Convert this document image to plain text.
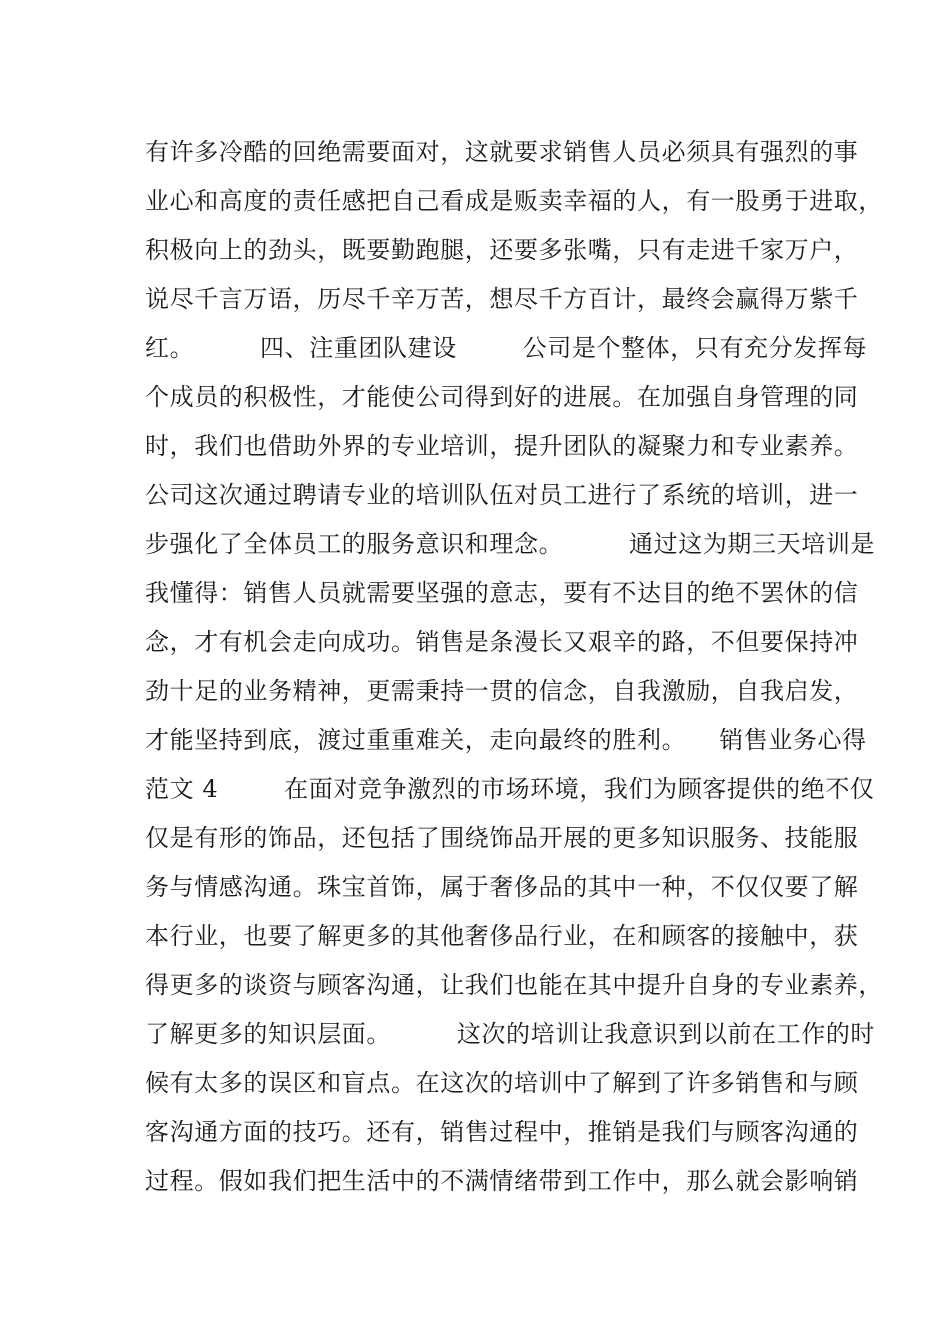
有许多冷酷的回绝需要面对，这就要求销售人员必须具有强烈的事
业心和高度的责任感把自己看成是贩卖幸福的人，有一股勇于进取，
积极向上的劲头，既要勤跑腿，还要多张嘴，只有走进千家万户，
说尽千言万语，历尽千辛万苦，想尽千方百计，最终会赢得万紫千
红。        四、注重团队建设        公司是个整体，只有充分发挥每
个成员的积极性，才能使公司得到好的进展。在加强自身管理的同
时，我们也借助外界的专业培训，提升团队的凝聚力和专业素养。
公司这次通过聘请专业的培训队伍对员工进行了系统的培训，进一
步强化了全体员工的服务意识和理念。        通过这为期三天培训是
我懂得：销售人员就需要坚强的意志，要有不达目的绝不罢休的信
念，才有机会走向成功。销售是条漫长又艰辛的路，不但要保持冲
劲十足的业务精神，更需秉持一贯的信念，自我激励，自我启发，
才能坚持到底，渡过重重难关，走向最终的胜利。    销售业务心得
范文 4        在面对竞争激烈的市场环境，我们为顾客提供的绝不仅
仅是有形的饰品，还包括了围绕饰品开展的更多知识服务、技能服
务与情感沟通。珠宝首饰，属于奢侈品的其中一种，不仅仅要了解
本行业，也要了解更多的其他奢侈品行业，在和顾客的接触中，获
得更多的谈资与顾客沟通，让我们也能在其中提升自身的专业素养，
了解更多的知识层面。        这次的培训让我意识到以前在工作的时
候有太多的误区和盲点。在这次的培训中了解到了许多销售和与顾
客沟通方面的技巧。还有，销售过程中，推销是我们与顾客沟通的
过程。假如我们把生活中的不满情绪带到工作中，那么就会影响销
